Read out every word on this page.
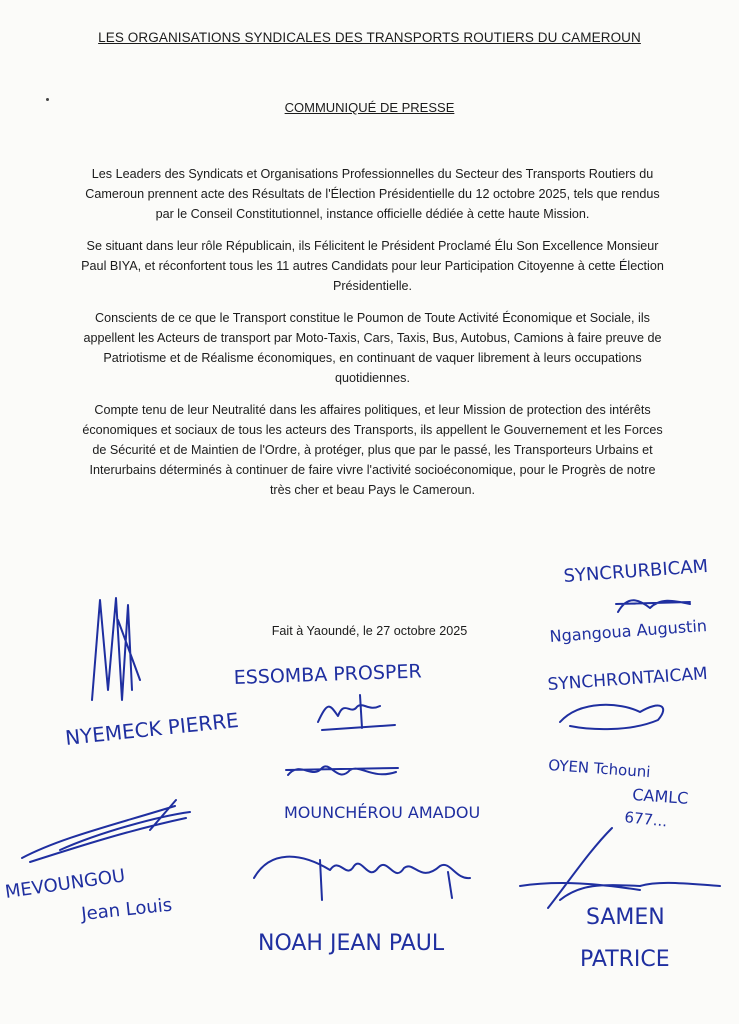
LES ORGANISATIONS SYNDICALES DES TRANSPORTS ROUTIERS DU CAMEROUN
COMMUNIQUÉ DE PRESSE

Les Leaders des Syndicats et Organisations Professionnelles du Secteur des Transports Routiers du Cameroun prennent acte des Résultats de l'Élection Présidentielle du 12 octobre 2025, tels que rendus par le Conseil Constitutionnel, instance officielle dédiée à cette haute Mission.

Se situant dans leur rôle Républicain, ils Félicitent le Président Proclamé Élu Son Excellence Monsieur Paul BIYA, et réconfortent tous les 11 autres Candidats pour leur Participation Citoyenne à cette Élection Présidentielle.

Conscients de ce que le Transport constitue le Poumon de Toute Activité Économique et Sociale, ils appellent les Acteurs de transport par Moto-Taxis, Cars, Taxis, Bus, Autobus, Camions à faire preuve de Patriotisme et de Réalisme économiques, en continuant de vaquer librement à leurs occupations quotidiennes.

Compte tenu de leur Neutralité dans les affaires politiques, et leur Mission de protection des intérêts économiques et sociaux de tous les acteurs des Transports, ils appellent le Gouvernement et les Forces de Sécurité et de Maintien de l'Ordre, à protéger, plus que par le passé, les Transporteurs Urbains et Interurbains déterminés à continuer de faire vivre l'activité socioéconomique, pour le Progrès de notre très cher et beau Pays le Cameroun.

Fait à Yaoundé, le 27 octobre 2025
NYEMECK PIERRE
ESSOMBA PROSPER
SYNCRURBICAM
Ngangoua Augustin
SYNCHRONTAICAM
MOUNCHÉROU AMADOU
OYEN Tchouni
CAMLC
677...
MEVOUNGOU
Jean Louis
NOAH JEAN PAUL
SAMEN
PATRICE
